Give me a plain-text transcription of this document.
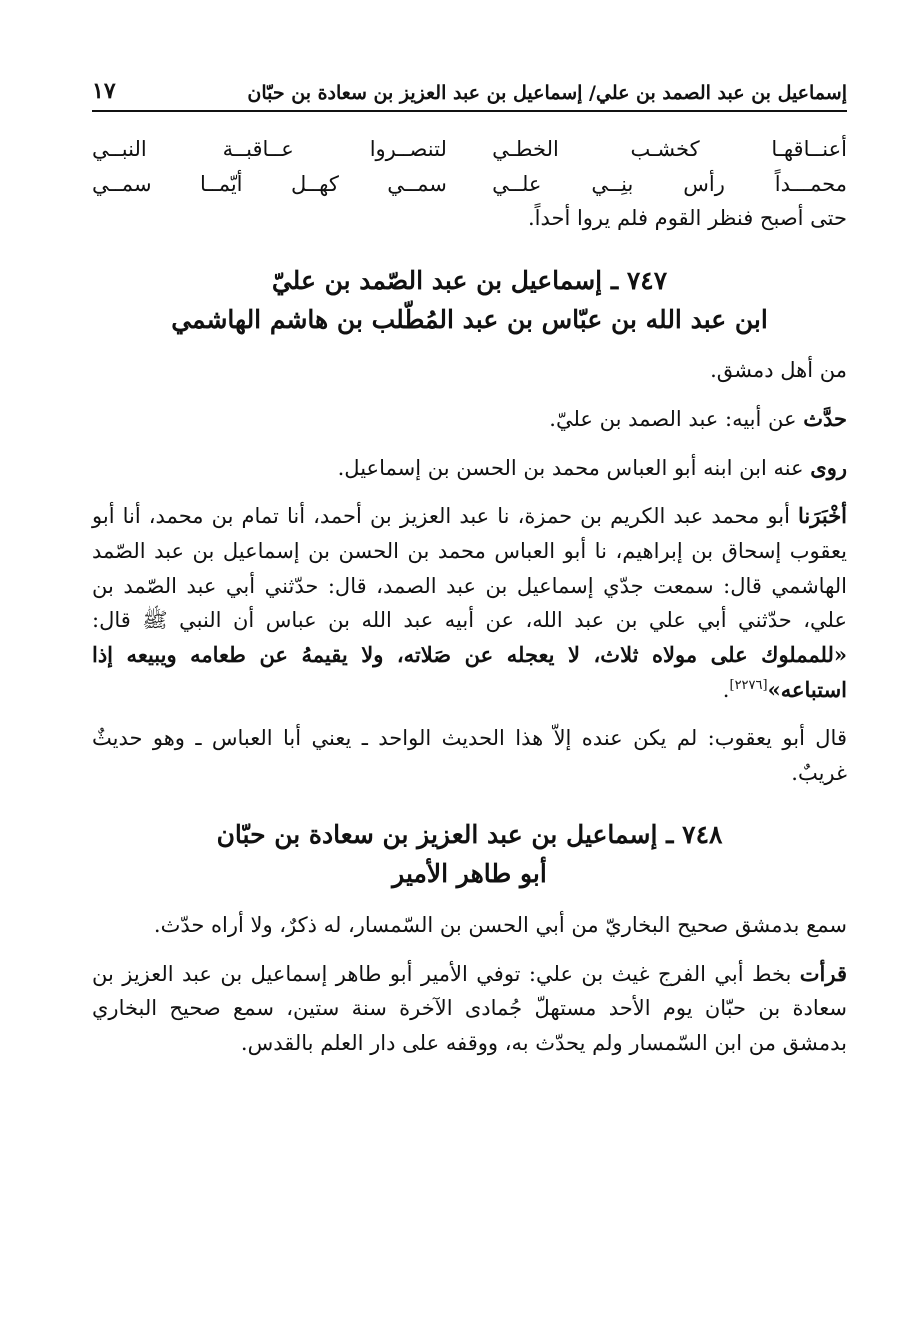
إسماعيل بن عبد الصمد بن علي/ إسماعيل بن عبد العزيز بن سعادة بن حبّان
١٧
أعنــاقهـا كخشـب الخطـي
لتنصــروا عــاقبــة النبــي
محمـــداً رأس بنِــي علــي
سمــي كهــل أيّمــا سمــي

حتى أصبح فنظر القوم فلم يروا أحداً.

٧٤٧ ـ إسماعيل بن عبد الصّمد بن عليّ
ابن عبد الله بن عبّاس بن عبد المُطّلب بن هاشم الهاشمي

من أهل دمشق.

حدَّث عن أبيه: عبد الصمد بن عليّ.

روى عنه ابن ابنه أبو العباس محمد بن الحسن بن إسماعيل.

أخْبَرَنا أبو محمد عبد الكريم بن حمزة، نا عبد العزيز بن أحمد، أنا تمام بن محمد، أنا أبو يعقوب إسحاق بن إبراهيم، نا أبو العباس محمد بن الحسن بن إسماعيل بن عبد الصّمد الهاشمي قال: سمعت جدّي إسماعيل بن عبد الصمد، قال: حدّثني أبي عبد الصّمد بن علي، حدّثني أبي علي بن عبد الله، عن أبيه عبد الله بن عباس أن النبي ﷺ قال: «للمملوك على مولاه ثلاث، لا يعجله عن صَلاته، ولا يقيمهُ عن طعامه ويبيعه إذا استباعه»[٢٢٧٦].

قال أبو يعقوب: لم يكن عنده إلاّ هذا الحديث الواحد ـ يعني أبا العباس ـ وهو حديثٌ غريبٌ.

٧٤٨ ـ إسماعيل بن عبد العزيز بن سعادة بن حبّان
أبو طاهر الأمير

سمع بدمشق صحيح البخاريّ من أبي الحسن بن السّمسار، له ذكرٌ، ولا أراه حدّث.

قرأت بخط أبي الفرج غيث بن علي: توفي الأمير أبو طاهر إسماعيل بن عبد العزيز بن سعادة بن حبّان يوم الأحد مستهلّ جُمادى الآخرة سنة ستين، سمع صحيح البخاري بدمشق من ابن السّمسار ولم يحدّث به، ووقفه على دار العلم بالقدس.
